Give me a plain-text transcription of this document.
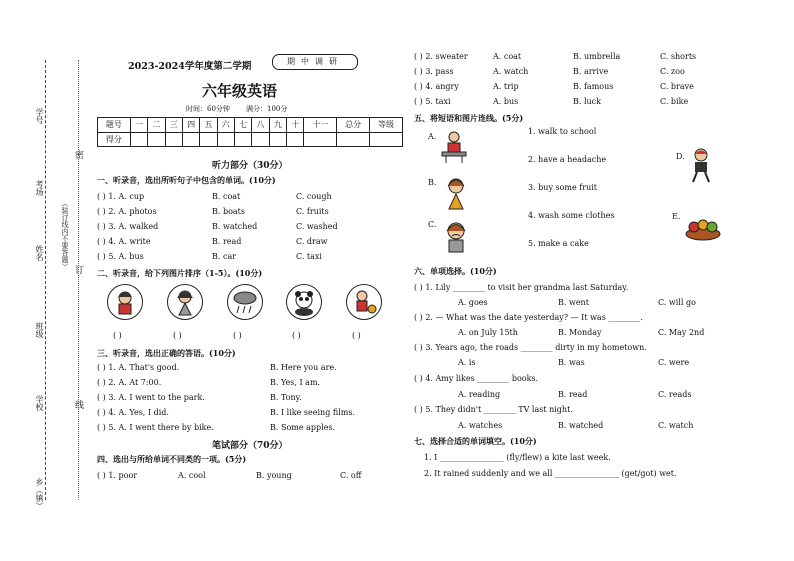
学号
考场
姓名
班级
学校
乡（镇）
密
（装订线内不要答题） 订
线
2023-2024学年度第二学期	期中调研
六年级英语
时间：60分钟 满分：100分
题号	一	二	三	四	五	六	七	八	九	十	十一	总分	等级
得分													
听力部分（30分）
一、听录音，选出所听句子中包含的单词。(10分)
( ) 1. A. cup	B. coat	C. cough
( ) 2. A. photos	B. boats	C. fruits
( ) 3. A. walked	B. watched	C. washed
( ) 4. A. write	B. read	C. draw
( ) 5. A. bus	B. car	C. taxi
二、听录音，给下列图片排序（1-5）。(10分)
( )	( )	( )	( )	( )
三、听录音，选出正确的答语。(10分)
( ) 1. A. That's good.	B. Here you are.
( ) 2. A. At 7:00.	B. Yes, I am.
( ) 3. A. I went to the park.	B. Tony.
( ) 4. A. Yes, I did.	B. I like seeing films.
( ) 5. A. I went there by bike.	B. Some apples.
笔试部分（70分）
四、选出与所给单词不同类的一项。(5分)
( ) 1. poor	A. cool	B. young	C. off
( ) 2. sweater	A. coat	B. umbrella	C. shorts
( ) 3. pass	A. watch	B. arrive	C. zoo
( ) 4. angry	A. trip	B. famous	C. brave
( ) 5. taxi	A. bus	B. luck	C. bike
五、将短语和图片连线。(5分)
A.
B.
C.
D.
E.
1. walk to school
2. have a headache
3. buy some fruit
4. wash some clothes
5. make a cake
六、单项选择。(10分)
( ) 1. Lily ________ to visit her grandma last Saturday.
A. goes	B. went	C. will go
( ) 2. — What was the date yesterday? — It was ________.
A. on July 15th	B. Monday	C. May 2nd
( ) 3. Years ago, the roads ________ dirty in my hometown.
A. is	B. was	C. were
( ) 4. Amy likes ________ books.
A. reading	B. read	C. reads
( ) 5. They didn't ________ TV last night.
A. watches	B. watched	C. watch
七、选择合适的单词填空。(10分)
1. I ________________ (fly/flew) a kite last week.
2. It rained suddenly and we all ________________ (get/got) wet.
